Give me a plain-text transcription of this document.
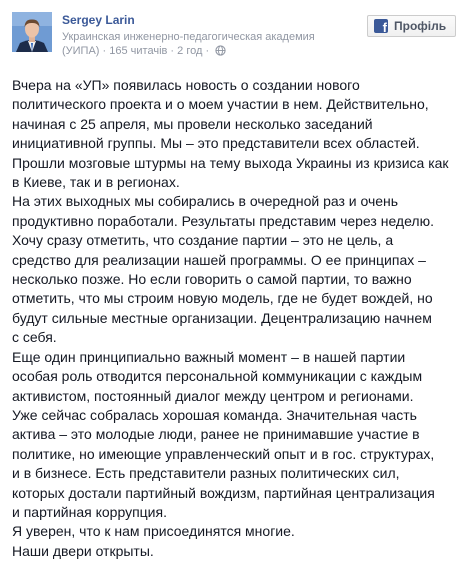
Sergey Larin
Украинская инженерно-педагогическая академия
(УИПА) · 165 читачів · 2 год ·
f Профіль

Вчера на «УП» появилась новость о создании нового

политического проекта и о моем участии в нем. Действительно,

начиная с 25 апреля, мы провели несколько заседаний

инициативной группы. Мы – это представители всех областей.

Прошли мозговые штурмы на тему выхода Украины из кризиса как

в Киеве, так и в регионах.

На этих выходных мы собирались в очередной раз и очень

продуктивно поработали. Результаты представим через неделю.

Хочу сразу отметить, что создание партии – это не цель, а

средство для реализации нашей программы. О ее принципах –

несколько позже. Но если говорить о самой партии, то важно

отметить, что мы строим новую модель, где не будет вождей, но

будут сильные местные организации. Децентрализацию начнем

с себя.

Еще один принципиально важный момент – в нашей партии

особая роль отводится персональной коммуникации с каждым

активистом, постоянный диалог между центром и регионами.

Уже сейчас собралась хорошая команда. Значительная часть

актива – это молодые люди, ранее не принимавшие участие в

политике, но имеющие управленческий опыт и в гос. структурах,

и в бизнесе. Есть представители разных политических сил,

которых достали партийный вождизм, партийная централизация

и партийная коррупция.

Я уверен, что к нам присоединятся многие.

Наши двери открыты.
